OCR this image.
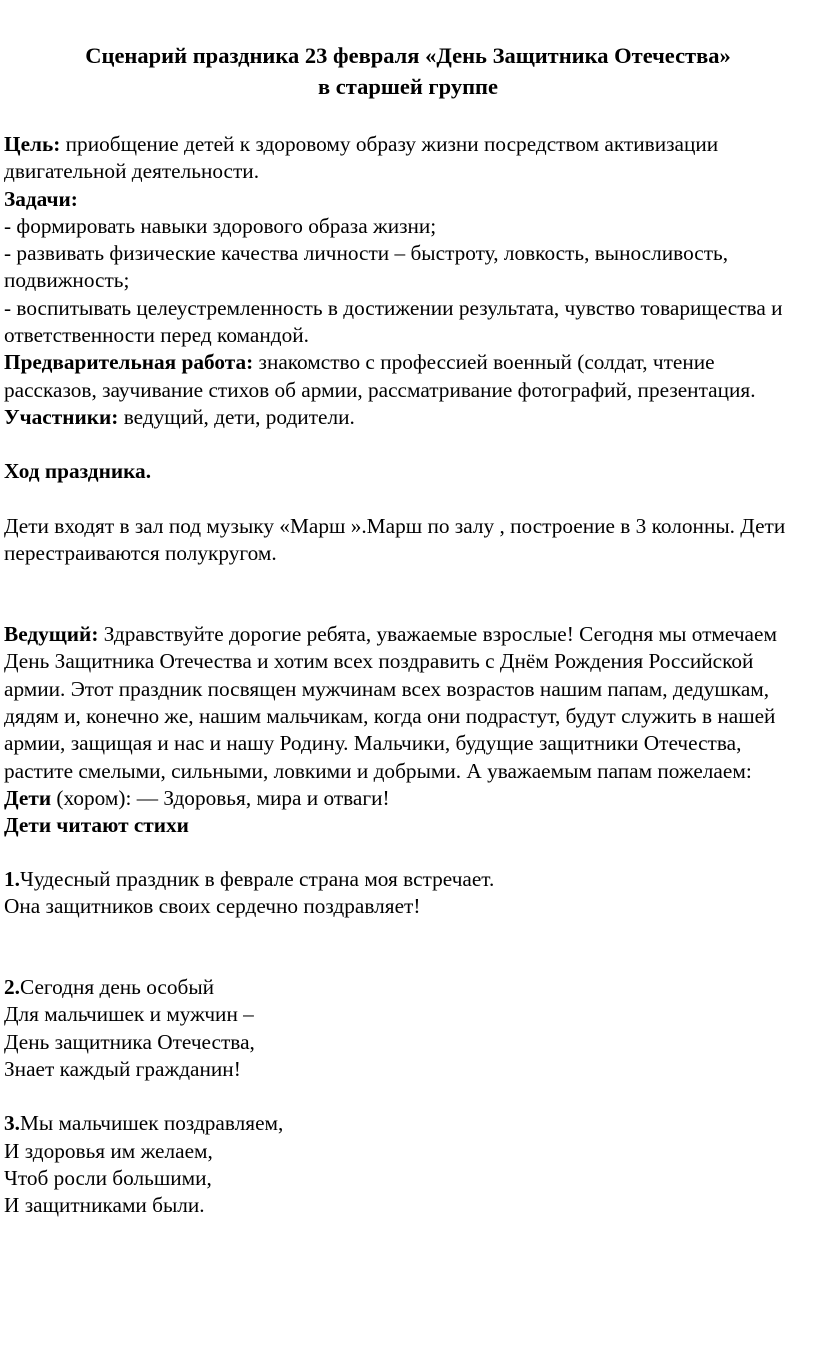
Сценарий праздника 23 февраля «День Защитника Отечества»
в старшей группе

Цель: приобщение детей к здоровому образу жизни посредством активизации двигательной деятельности.

Задачи:

- формировать навыки здорового образа жизни;

- развивать физические качества личности – быстроту, ловкость, выносливость, подвижность;

- воспитывать целеустремленность в достижении результата, чувство товарищества и ответственности перед командой.

Предварительная работа: знакомство с профессией военный (солдат, чтение рассказов, заучивание стихов об армии, рассматривание фотографий, презентация.

Участники: ведущий, дети, родители.

Ход праздника.

Дети входят в зал под музыку «Марш ».Марш по залу , построение в 3 колонны. Дети перестраиваются полукругом.

Ведущий: Здравствуйте дорогие ребята, уважаемые взрослые! Сегодня мы отмечаем День Защитника Отечества и хотим всех поздравить с Днём Рождения Российской армии. Этот праздник посвящен мужчинам всех возрастов нашим папам, дедушкам, дядям и, конечно же, нашим мальчикам, когда они подрастут, будут служить в нашей армии, защищая и нас и нашу Родину. Мальчики, будущие защитники Отечества, растите смелыми, сильными, ловкими и добрыми. А уважаемым папам пожелаем:

Дети (хором): — Здоровья, мира и отваги!

Дети читают стихи

1.Чудесный праздник в феврале страна моя встречает.

Она защитников своих сердечно поздравляет!

2.Сегодня день особый

Для мальчишек и мужчин –

День защитника Отечества,

Знает каждый гражданин!

3.Мы мальчишек поздравляем,

И здоровья им желаем,

Чтоб росли большими,

И защитниками были.
